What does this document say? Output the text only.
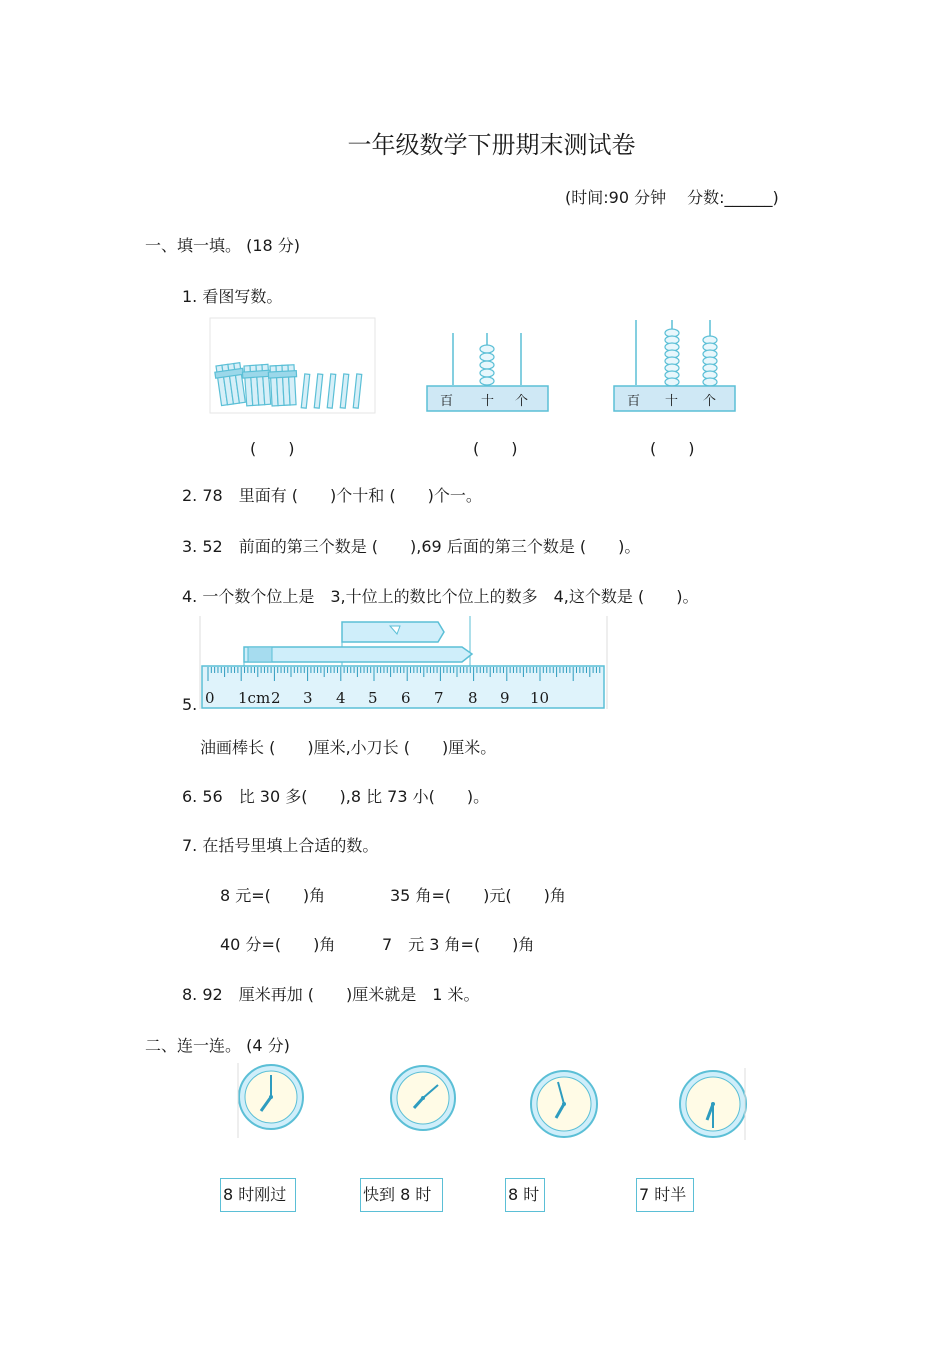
一年级数学下册期末测试卷
(时间:90 分钟　 分数:______)
一、填一填。 (18 分)
1. 看图写数。
百 十 个	百 十 个
(　　)	(　　)	(　　)
2. 78　里面有 (　　)个十和 (　　)个一。
3. 52　前面的第三个数是 (　　),69 后面的第三个数是 (　　)。
4. 一个数个位上是　3,十位上的数比个位上的数多　4,这个数是 (　　)。
5. 0 1cm 2 3 4 5 6 7 8 9 10
油画棒长 (　　)厘米,小刀长 (　　)厘米。
6. 56　比 30 多(　　),8 比 73 小(　　)。
7. 在括号里填上合适的数。
8 元=(　　)角	35 角=(　　)元(　　)角
40 分=(　　)角	7　元 3 角=(　　)角
8. 92　厘米再加 (　　)厘米就是　1 米。
二、连一连。 (4 分)
8 时刚过	快到 8 时	8 时	7 时半
